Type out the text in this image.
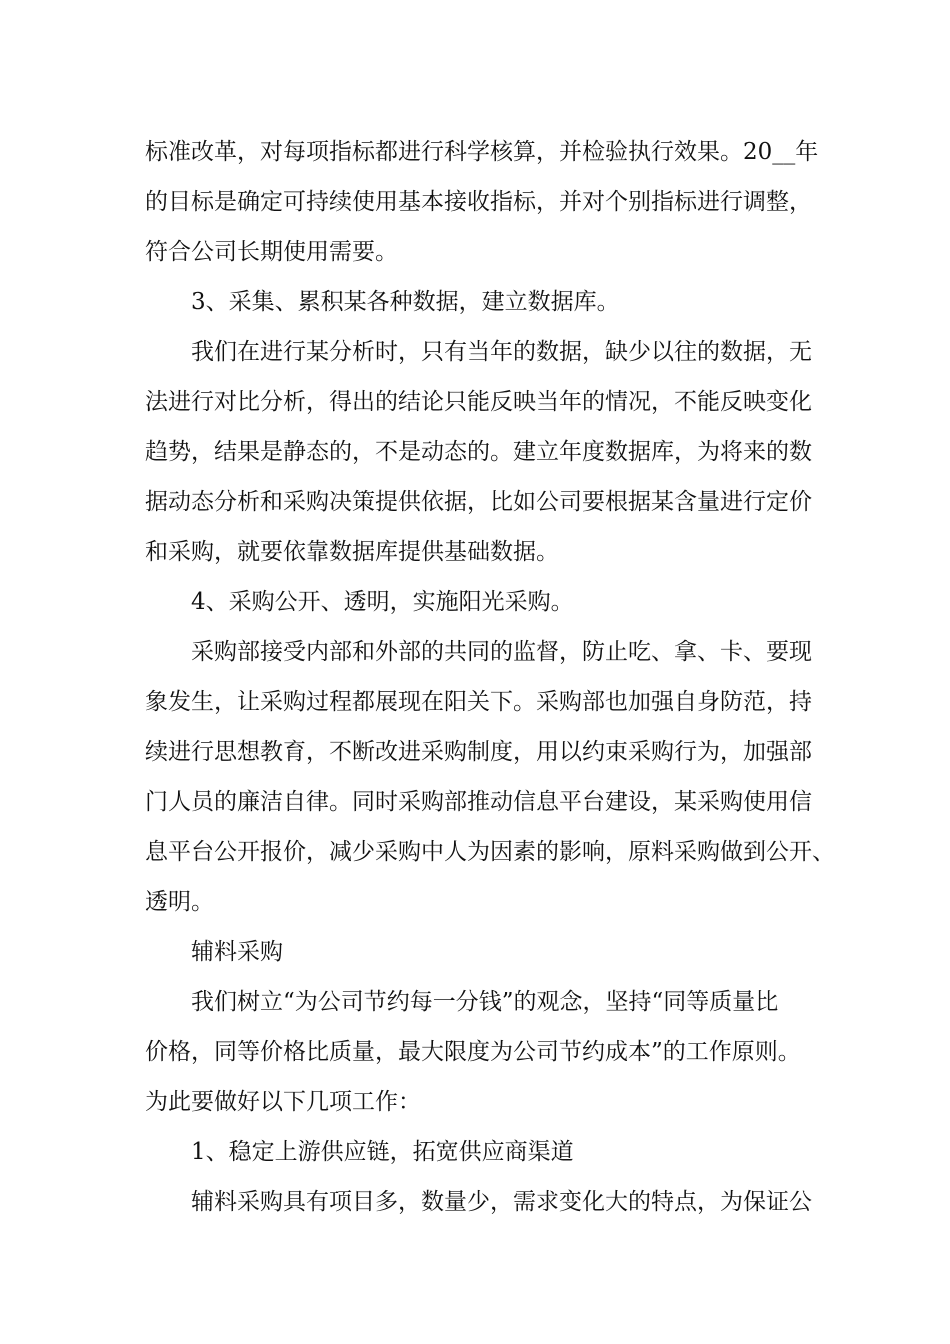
标准改革，对每项指标都进行科学核算，并检验执行效果。20__年
的目标是确定可持续使用基本接收指标，并对个别指标进行调整，
符合公司长期使用需要。
3、采集、累积某各种数据，建立数据库。
我们在进行某分析时，只有当年的数据，缺少以往的数据，无
法进行对比分析，得出的结论只能反映当年的情况，不能反映变化
趋势，结果是静态的，不是动态的。建立年度数据库，为将来的数
据动态分析和采购决策提供依据，比如公司要根据某含量进行定价
和采购，就要依靠数据库提供基础数据。
4、采购公开、透明，实施阳光采购。
采购部接受内部和外部的共同的监督，防止吃、拿、卡、要现
象发生，让采购过程都展现在阳关下。采购部也加强自身防范，持
续进行思想教育，不断改进采购制度，用以约束采购行为，加强部
门人员的廉洁自律。同时采购部推动信息平台建设，某采购使用信
息平台公开报价，减少采购中人为因素的影响，原料采购做到公开、
透明。
辅料采购
我们树立“为公司节约每一分钱”的观念，坚持“同等质量比
价格，同等价格比质量，最大限度为公司节约成本”的工作原则。
为此要做好以下几项工作：
1、稳定上游供应链，拓宽供应商渠道
辅料采购具有项目多，数量少，需求变化大的特点，为保证公
